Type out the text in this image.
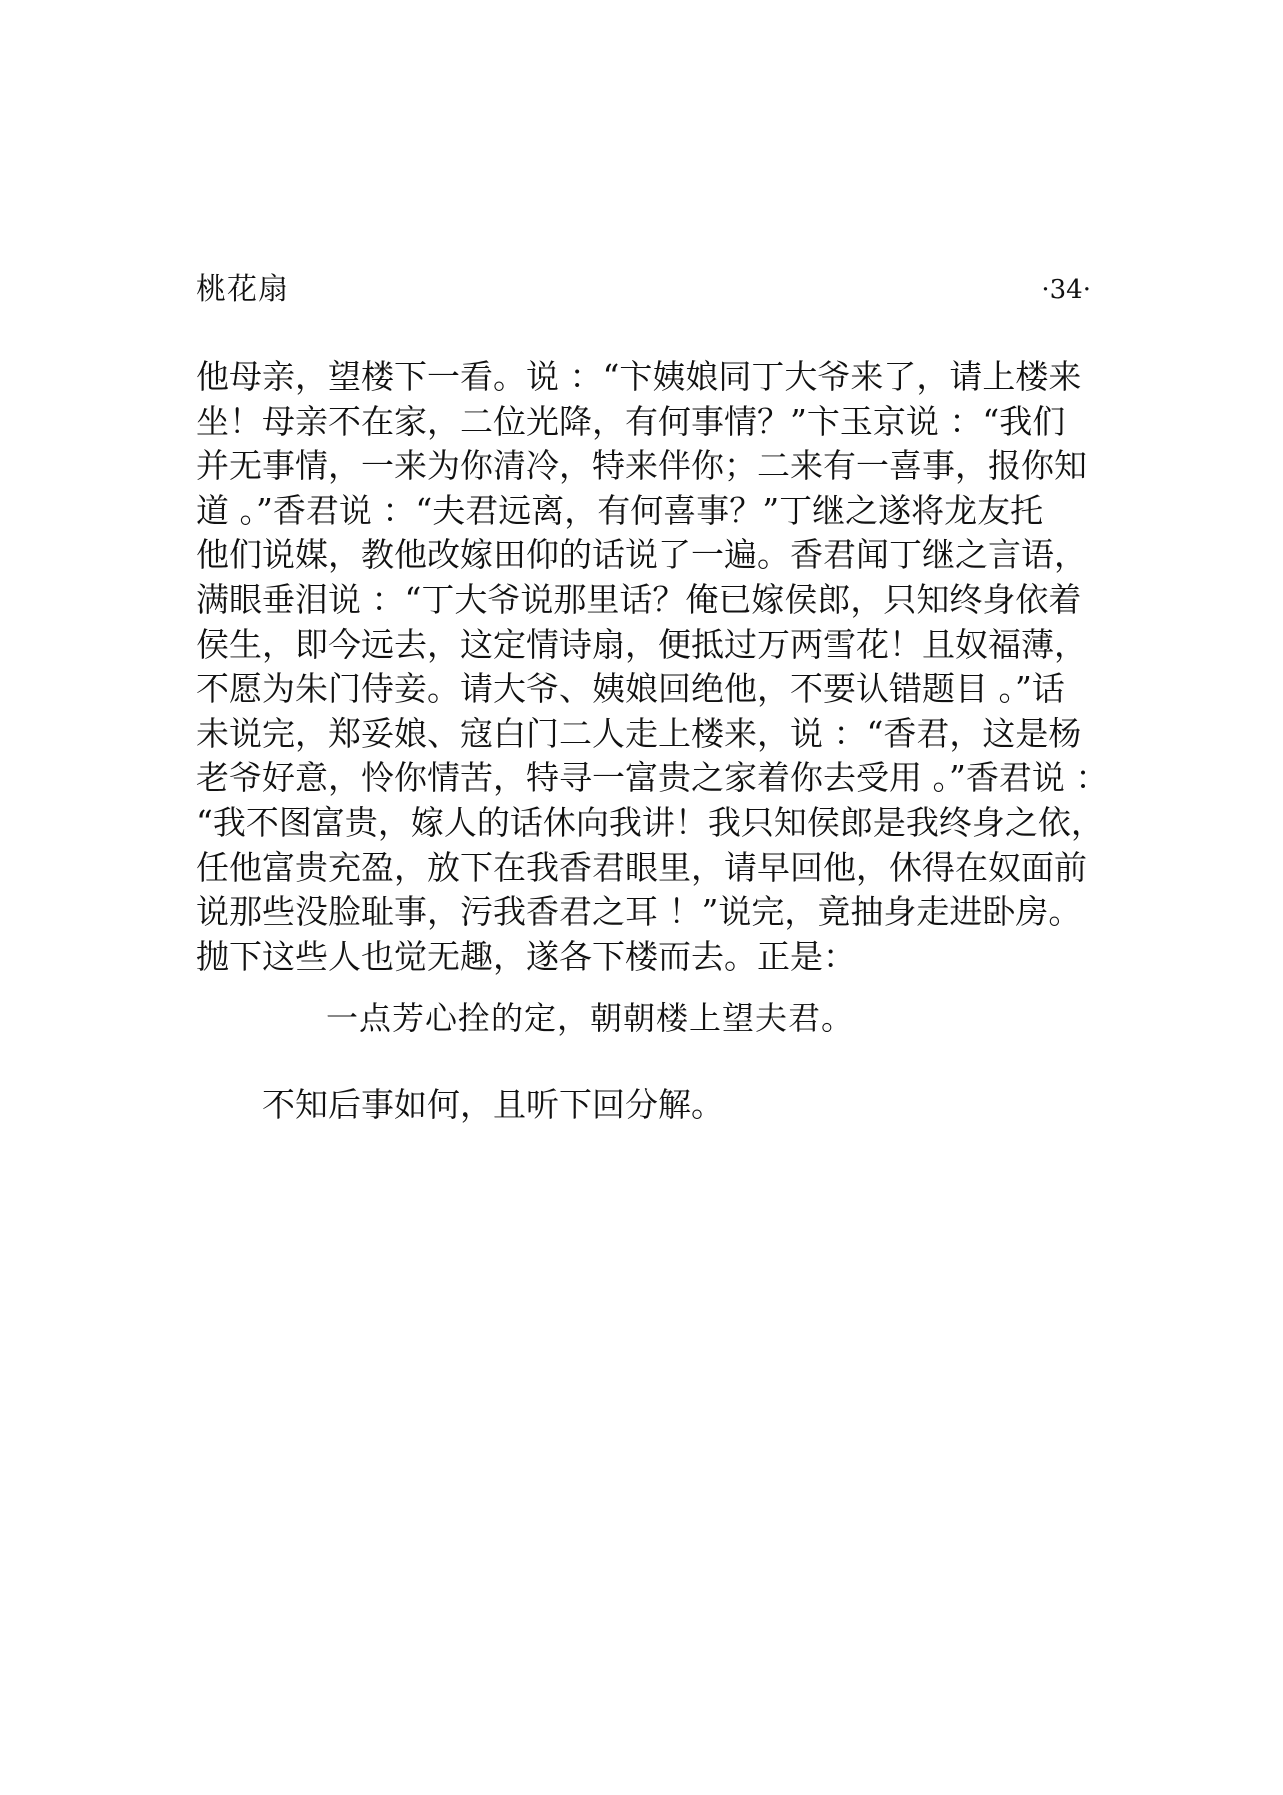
桃花扇	·34·
他母亲，望楼下一看。说 ：“卞姨娘同丁大爷来了，请上楼来
坐！母亲不在家，二位光降，有何事情？”卞玉京说 ：“我们
并无事情，一来为你清冷，特来伴你；二来有一喜事，报你知
道 。”香君说 ：“夫君远离，有何喜事？”丁继之遂将龙友托
他们说媒，教他改嫁田仰的话说了一遍。香君闻丁继之言语，
满眼垂泪说 ：“丁大爷说那里话？俺已嫁侯郎，只知终身依着
侯生，即今远去，这定情诗扇，便抵过万两雪花！且奴福薄，
不愿为朱门侍妾。请大爷、姨娘回绝他，不要认错题目 。”话
未说完，郑妥娘、寇白门二人走上楼来，说 ：“香君，这是杨
老爷好意，怜你情苦，特寻一富贵之家着你去受用 。”香君说 ：
“我不图富贵，嫁人的话休向我讲！我只知侯郎是我终身之依，
任他富贵充盈，放下在我香君眼里，请早回他，休得在奴面前
说那些没脸耻事，污我香君之耳 ！”说完，竟抽身走进卧房。
抛下这些人也觉无趣，遂各下楼而去。正是：
一点芳心拴的定，朝朝楼上望夫君。
不知后事如何，且听下回分解。
